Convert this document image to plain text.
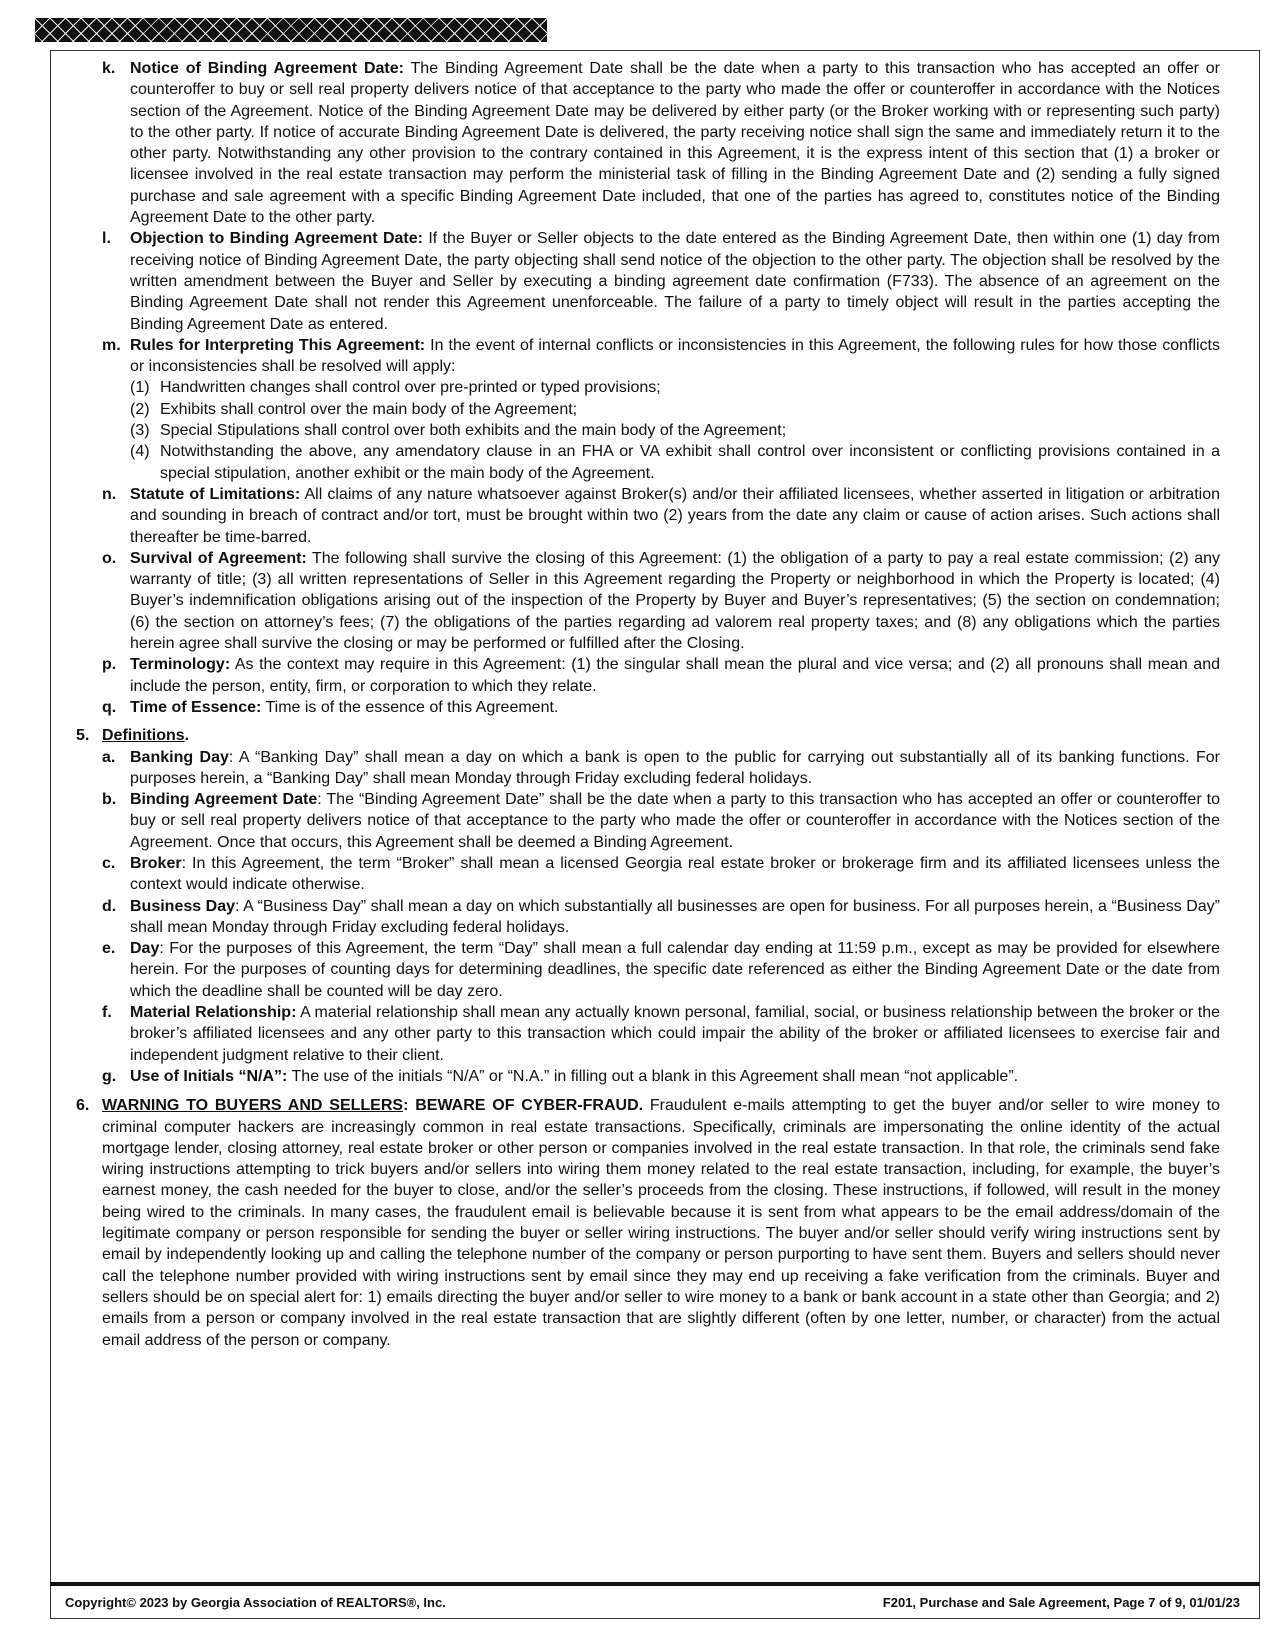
k. Notice of Binding Agreement Date: The Binding Agreement Date shall be the date when a party to this transaction who has accepted an offer or counteroffer to buy or sell real property delivers notice of that acceptance to the party who made the offer or counteroffer in accordance with the Notices section of the Agreement. Notice of the Binding Agreement Date may be delivered by either party (or the Broker working with or representing such party) to the other party. If notice of accurate Binding Agreement Date is delivered, the party receiving notice shall sign the same and immediately return it to the other party. Notwithstanding any other provision to the contrary contained in this Agreement, it is the express intent of this section that (1) a broker or licensee involved in the real estate transaction may perform the ministerial task of filling in the Binding Agreement Date and (2) sending a fully signed purchase and sale agreement with a specific Binding Agreement Date included, that one of the parties has agreed to, constitutes notice of the Binding Agreement Date to the other party.
l. Objection to Binding Agreement Date: If the Buyer or Seller objects to the date entered as the Binding Agreement Date, then within one (1) day from receiving notice of Binding Agreement Date, the party objecting shall send notice of the objection to the other party. The objection shall be resolved by the written amendment between the Buyer and Seller by executing a binding agreement date confirmation (F733). The absence of an agreement on the Binding Agreement Date shall not render this Agreement unenforceable. The failure of a party to timely object will result in the parties accepting the Binding Agreement Date as entered.
m. Rules for Interpreting This Agreement: In the event of internal conflicts or inconsistencies in this Agreement, the following rules for how those conflicts or inconsistencies shall be resolved will apply:
(1) Handwritten changes shall control over pre-printed or typed provisions;
(2) Exhibits shall control over the main body of the Agreement;
(3) Special Stipulations shall control over both exhibits and the main body of the Agreement;
(4) Notwithstanding the above, any amendatory clause in an FHA or VA exhibit shall control over inconsistent or conflicting provisions contained in a special stipulation, another exhibit or the main body of the Agreement.
n. Statute of Limitations: All claims of any nature whatsoever against Broker(s) and/or their affiliated licensees, whether asserted in litigation or arbitration and sounding in breach of contract and/or tort, must be brought within two (2) years from the date any claim or cause of action arises. Such actions shall thereafter be time-barred.
o. Survival of Agreement: The following shall survive the closing of this Agreement: (1) the obligation of a party to pay a real estate commission; (2) any warranty of title; (3) all written representations of Seller in this Agreement regarding the Property or neighborhood in which the Property is located; (4) Buyer’s indemnification obligations arising out of the inspection of the Property by Buyer and Buyer’s representatives; (5) the section on condemnation; (6) the section on attorney’s fees; (7) the obligations of the parties regarding ad valorem real property taxes; and (8) any obligations which the parties herein agree shall survive the closing or may be performed or fulfilled after the Closing.
p. Terminology: As the context may require in this Agreement: (1) the singular shall mean the plural and vice versa; and (2) all pronouns shall mean and include the person, entity, firm, or corporation to which they relate.
q. Time of Essence: Time is of the essence of this Agreement.
5. Definitions.
a. Banking Day: A “Banking Day” shall mean a day on which a bank is open to the public for carrying out substantially all of its banking functions. For purposes herein, a “Banking Day” shall mean Monday through Friday excluding federal holidays.
b. Binding Agreement Date: The “Binding Agreement Date” shall be the date when a party to this transaction who has accepted an offer or counteroffer to buy or sell real property delivers notice of that acceptance to the party who made the offer or counteroffer in accordance with the Notices section of the Agreement. Once that occurs, this Agreement shall be deemed a Binding Agreement.
c. Broker: In this Agreement, the term “Broker” shall mean a licensed Georgia real estate broker or brokerage firm and its affiliated licensees unless the context would indicate otherwise.
d. Business Day: A “Business Day” shall mean a day on which substantially all businesses are open for business. For all purposes herein, a “Business Day” shall mean Monday through Friday excluding federal holidays.
e. Day: For the purposes of this Agreement, the term “Day” shall mean a full calendar day ending at 11:59 p.m., except as may be provided for elsewhere herein. For the purposes of counting days for determining deadlines, the specific date referenced as either the Binding Agreement Date or the date from which the deadline shall be counted will be day zero.
f. Material Relationship: A material relationship shall mean any actually known personal, familial, social, or business relationship between the broker or the broker’s affiliated licensees and any other party to this transaction which could impair the ability of the broker or affiliated licensees to exercise fair and independent judgment relative to their client.
g. Use of Initials “N/A”: The use of the initials “N/A” or “N.A.” in filling out a blank in this Agreement shall mean “not applicable”.
6. WARNING TO BUYERS AND SELLERS: BEWARE OF CYBER-FRAUD. Fraudulent e-mails attempting to get the buyer and/or seller to wire money to criminal computer hackers are increasingly common in real estate transactions. Specifically, criminals are impersonating the online identity of the actual mortgage lender, closing attorney, real estate broker or other person or companies involved in the real estate transaction. In that role, the criminals send fake wiring instructions attempting to trick buyers and/or sellers into wiring them money related to the real estate transaction, including, for example, the buyer’s earnest money, the cash needed for the buyer to close, and/or the seller’s proceeds from the closing. These instructions, if followed, will result in the money being wired to the criminals. In many cases, the fraudulent email is believable because it is sent from what appears to be the email address/domain of the legitimate company or person responsible for sending the buyer or seller wiring instructions. The buyer and/or seller should verify wiring instructions sent by email by independently looking up and calling the telephone number of the company or person purporting to have sent them. Buyers and sellers should never call the telephone number provided with wiring instructions sent by email since they may end up receiving a fake verification from the criminals. Buyer and sellers should be on special alert for: 1) emails directing the buyer and/or seller to wire money to a bank or bank account in a state other than Georgia; and 2) emails from a person or company involved in the real estate transaction that are slightly different (often by one letter, number, or character) from the actual email address of the person or company.
Copyright© 2023 by Georgia Association of REALTORS®, Inc.	F201, Purchase and Sale Agreement, Page 7 of 9, 01/01/23
